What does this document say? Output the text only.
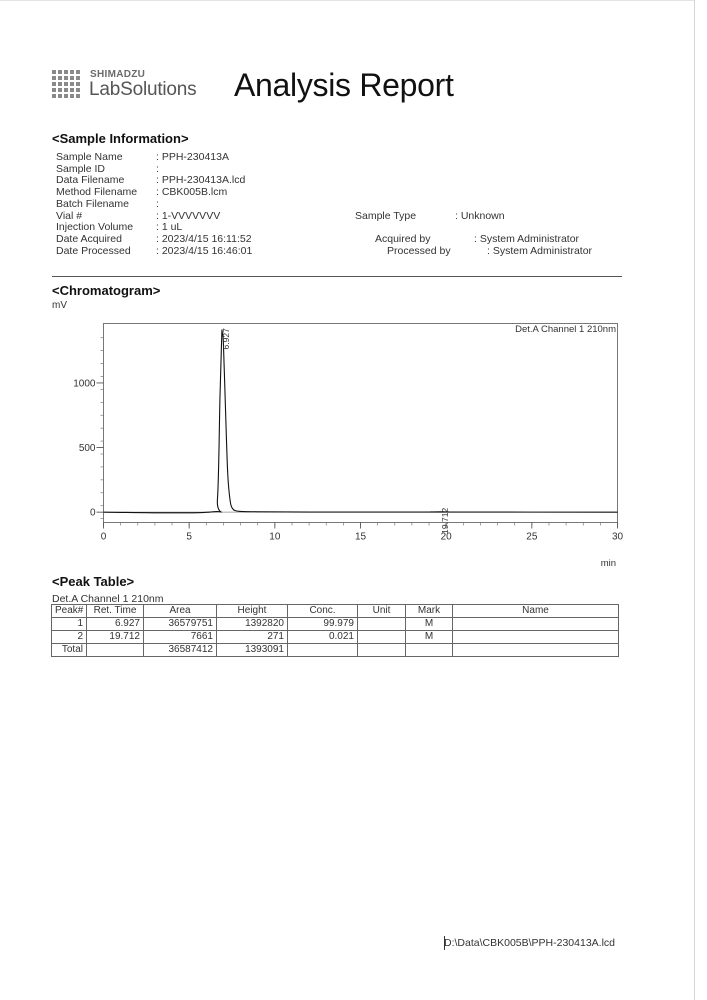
SHIMADZU
LabSolutions Analysis Report
<Sample Information>
Sample Name	: PPH-230413A
Sample ID	:
Data Filename	: PPH-230413A.lcd
Method Filename : CBK005B.lcm
Batch Filename	:
Vial #	: 1-VVVVVVV
Injection Volume : 1 uL
Date Acquired	: 2023/4/15 16:11:52
Date Processed : 2023/4/15 16:46:01
Sample Type	: Unknown
Acquired by	: System Administrator
Processed by	: System Administrator
<Chromatogram>
mV
6.927
19.712
0	5	10	15	20	25	30
0
500
1000
Det.A Channel 1 210nm
min
<Peak Table>
Det.A Channel 1 210nm
Peak#	Ret. Time	Area	Height	Conc.	Unit	Mark	Name
1	6.927	36579751	1392820	99.979		M	
2	19.712	7661	271	0.021		M	
Total		36587412	1393091				
D:\Data\CBK005B\PPH-230413A.lcd
